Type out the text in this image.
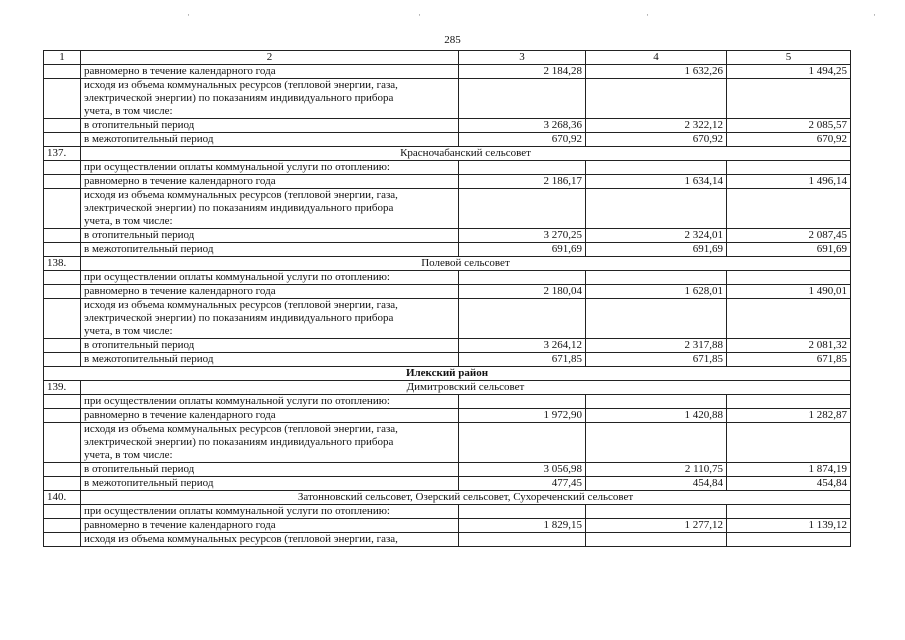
·	·	·	·
285
1	2	3	4	5
	равномерно в течение календарного года	2 184,28	1 632,26	1 494,25

	исходя из объема коммунальных ресурсов (тепловой энергии, газа,
электрической энергии) по показаниям индивидуального прибора
учета, в том числе:			

	в отопительный период	3 268,36	2 322,12	2 085,57
	в межотопительный период	670,92	670,92	670,92
137.	Красночабанский сельсовет			
	при осуществлении оплаты коммунальной услуги по отоплению:			
	равномерно в течение календарного года	2 186,17	1 634,14	1 496,14

	исходя из объема коммунальных ресурсов (тепловой энергии, газа,
электрической энергии) по показаниям индивидуального прибора
учета, в том числе:			

	в отопительный период	3 270,25	2 324,01	2 087,45
	в межотопительный период	691,69	691,69	691,69
138.	Полевой сельсовет			
	при осуществлении оплаты коммунальной услуги по отоплению:			
	равномерно в течение календарного года	2 180,04	1 628,01	1 490,01

	исходя из объема коммунальных ресурсов (тепловой энергии, газа,
электрической энергии) по показаниям индивидуального прибора
учета, в том числе:			

	в отопительный период	3 264,12	2 317,88	2 081,32
	в межотопительный период	671,85	671,85	671,85
Илекский район				
139.	Димитровский сельсовет			
	при осуществлении оплаты коммунальной услуги по отоплению:			
	равномерно в течение календарного года	1 972,90	1 420,88	1 282,87

	исходя из объема коммунальных ресурсов (тепловой энергии, газа,
электрической энергии) по показаниям индивидуального прибора
учета, в том числе:			

	в отопительный период	3 056,98	2 110,75	1 874,19
	в межотопительный период	477,45	454,84	454,84
140.	Затонновский сельсовет, Озерский сельсовет, Сухореченский сельсовет			
	при осуществлении оплаты коммунальной услуги по отоплению:			
	равномерно в течение календарного года	1 829,15	1 277,12	1 139,12
	исходя из объема коммунальных ресурсов (тепловой энергии, газа,			
